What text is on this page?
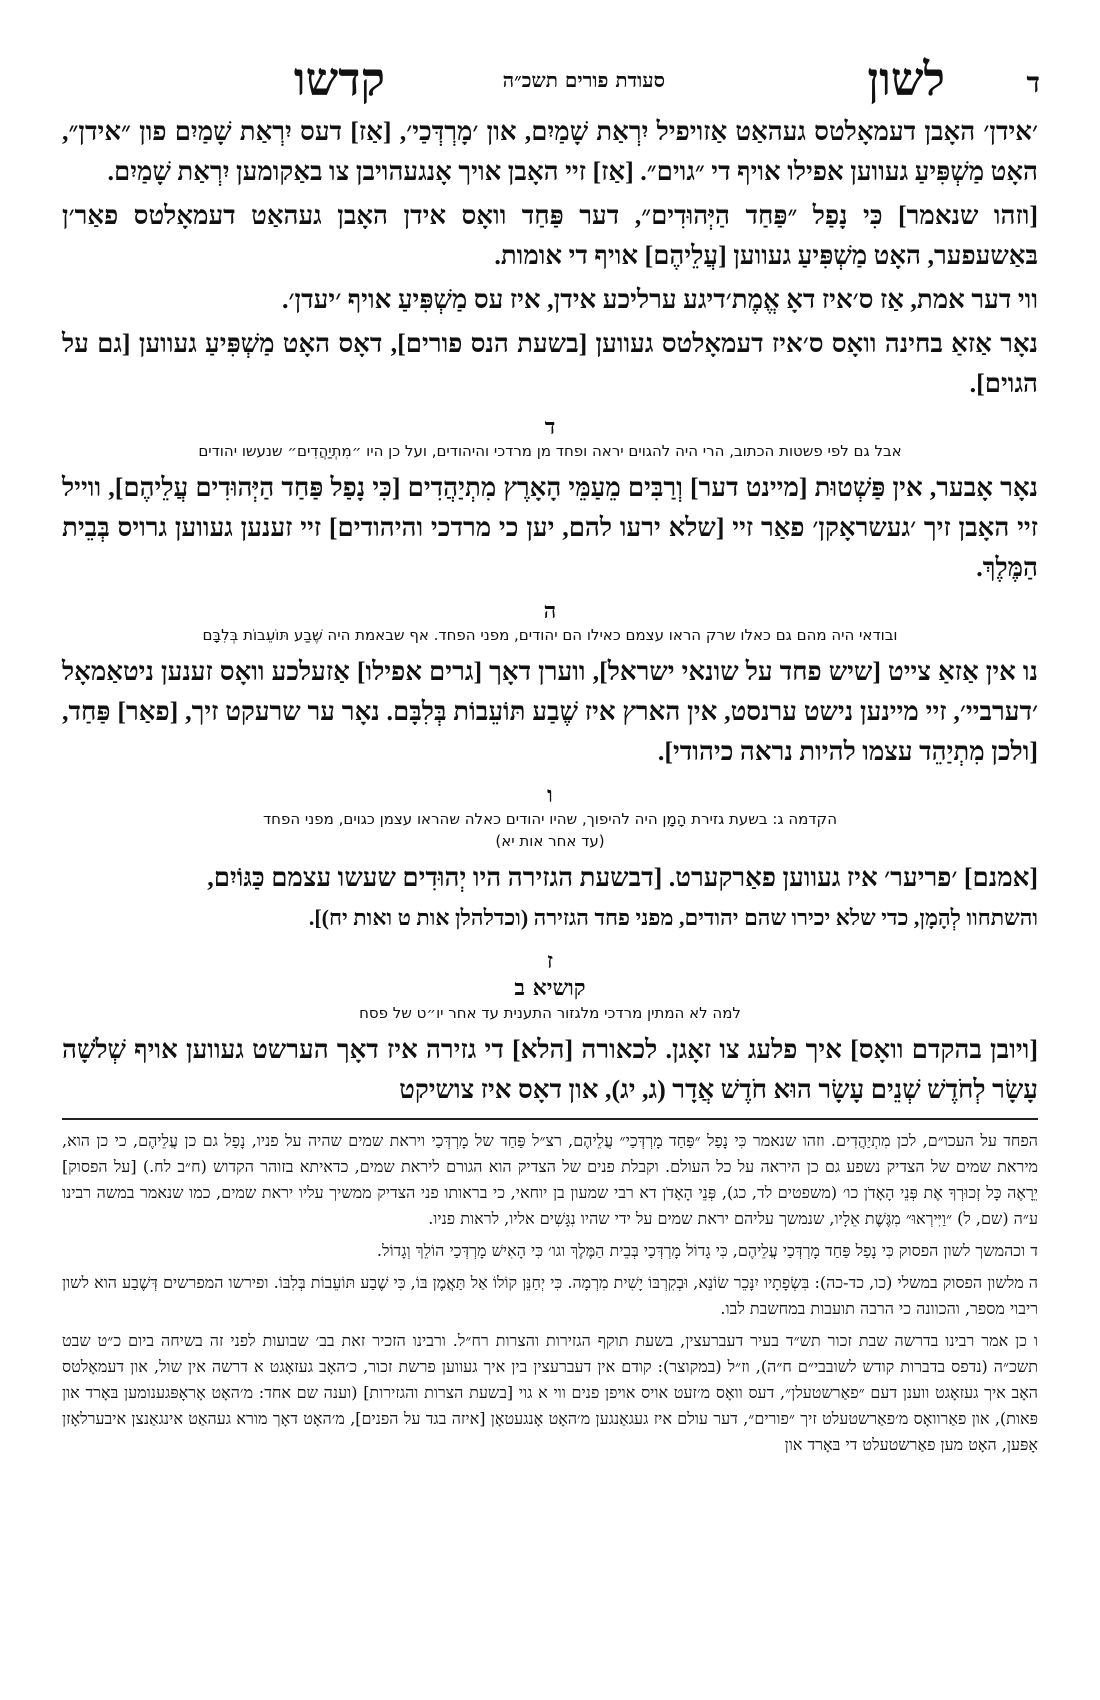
ד
לשון
סעודת פורים תשכ״ה
קדשו

׳אידן׳ האָבן דעמאָלטס געהאַט אַזויפיל יִרְאַת שָׁמַיִם, און ׳מָרְדְּכַי׳, [אַז] דעס יִרְאַת שָׁמַיִם פון ״אידן״, האָט מַשְׁפִּיעַ געווען אפילו אויף די ״גוים״. [אַז] זיי האָבן אויך אָנגעהויבן צו באַקומען יִרְאַת שָׁמַיִם.

[וזהו שנאמר] כִּי נָפַל ״פַּחַד הַיְּהוּדִים״, דער פַּחַד וואָס אידן האָבן געהאַט דעמאָלטס פאַר׳ן בּאַשעפער, האָט מַשְׁפִּיעַ געווען [עֲלֵיהֶם] אויף די אומות.

ווי דער אמת, אַז ס׳איז דאָ אֱמֶת׳דיגע ערליכע אידן, איז עס מַשְׁפִּיעַ אויף ׳יעדן׳.

נאָר אַזאַ בחינה וואָס ס׳איז דעמאָלטס געווען [בשעת הנס פורים], דאָס האָט מַשְׁפִּיעַ געווען [גם על הגוים].

ד
אבל גם לפי פשטות הכתוב, הרי היה להגוים יראה ופחד מן מרדכי והיהודים, ועל כן היו ״מִתְיַהֲדִים״ שנעשו יהודים

נאָר אָבער, אין פַּשְׁטוּת [מיינט דער] וְרַבִּים מֵעַמֵּי הָאָרֶץ מִתְיַהֲדִים [כִּי נָפַל פַּחַד הַיְּהוּדִים עֲלֵיהֶם], ווייל זיי האָבן זיך ׳געשראָקן׳ פאַר זיי [שלא ירעו להם, יען כי מרדכי והיהודים] זיי זענען געווען גרויס בְּבֵית הַמֶּלֶךְ.

ה
ובודאי היה מהם גם כאלו שרק הראו עצמם כאילו הם יהודים, מפני הפחד. אף שבאמת היה שֶׁבַע תּוֹעֵבוֹת בְּלִבָּם

נו אין אַזאַ צייט [שיש פחד על שונאי ישראל], ווערן דאָך [גרים אפילו] אַזעלכע וואָס זענען ניטאַמאָל ׳דערביי׳, זיי מיינען נישט ערנסט, אין הארץ איז שֶׁבַע תּוֹעֵבוֹת בְּלִבָּם. נאָר ער שרעקט זיך, [פאַר] פַּחַד, [ולכן מִתְיַהֵד עצמו להיות נראה כיהודי].

ו
הקדמה ג: בשעת גזירת הָמָן היה להיפוך, שהיו יהודים כאלה שהראו עצמן כגוים, מפני הפחד
(עד אחר אות יא)

[אמנם] ׳פריער׳ איז געווען פאַרקערט. [דבשעת הגזירה היו יְהוּדִים שעשו עצמם כַּגּוֹיִם,

והשתחוו לְהָמָן, כדי שלא יכירו שהם יהודים, מפני פחד הגזירה (וכדלהלן אות ט ואות יח)].

ז
קושיא ב
למה לא המתין מרדכי מלגזור התענית עד אחר יו״ט של פסח

[ויובן בהקדם וואָס] איך פלעג צו זאָגן. לכאורה [הלא] די גזירה איז דאָך הערשט געווען אויף שְׁלֹשָׁה עָשָׂר לְחֹדֶשׁ שְׁנֵים עָשָׂר הוּא חֹדֶשׁ אֲדָר (ג, יג), און דאָס איז צושיקט

הפחד על העכו״ם, לכן מִתְיַהֲדִים. וזהו שנאמר כִּי נָפַל ״פַּחַד מָרְדְּכַי״ עֲלֵיהֶם, רצ״ל פַּחַד של מָרְדְּכַי ויראת שמים שהיה על פניו, נָפַל גם כן עֲלֵיהֶם, כי כן הוא, מיראת שמים של הצדיק נשפע גם כן היראה על כל העולם. וקבלת פנים של הצדיק הוא הגורם ליראת שמים, כדאיתא בזוהר הקדוש (ח״ב לח.) [על הפסוק] יֵרָאֶה כָּל זְכוּרְךָ אֶת פְּנֵי הָאָדֹן כו׳ (משפטים לד, כג), פְּנֵי הָאָדֹן דא רבי שמעון בן יוחאי, כי בראותו פני הצדיק ממשיך עליו יראת שמים, כמו שנאמר במשה רבינו ע״ה (שם, ל) ״וַיִּירְאוּ״ מִגֶּשֶׁת אֵלָיו, שנמשך עליהם יראת שמים על ידי שהיו נִגָּשִׁים אליו, לראות פניו.

ד וכהמשך לשון הפסוק כִּי נָפַל פַּחַד מָרְדְּכַי עֲלֵיהֶם, כִּי גָדוֹל מָרְדְּכַי בְּבֵית הַמֶּלֶךְ וגו׳ כִּי הָאִישׁ מָרְדְּכַי הוֹלֵךְ וְגָדוֹל.

ה מלשון הפסוק במשלי (כו, כד-כה): בִּשְׂפָתָיו יִנָּכֵר שׂוֹנֵא, וּבְקִרְבּוֹ יָשִׁית מִרְמָה. כִּי יְחַנֵּן קוֹלוֹ אַל תַּאֲמֶן בּוֹ, כִּי שֶׁבַע תּוֹעֵבוֹת בְּלִבּוֹ. ופירשו המפרשים דְּשֶׁבַע הוא לשון ריבוי מספר, והכוונה כי הרבה תועבות במחשבת לבו.

ו כן אמר רבינו בדרשה שבת זכור תש״ד בעיר דעברעצין, בשעת תוקף הגזירות והצרות רח״ל. ורבינו הזכיר זאת בב׳ שבועות לפני זה בשיחה ביום כ״ט שבט תשכ״ה (נדפס בדברות קודש לשובבי״ם ח״ה), וז״ל (במקוצר): קודם אין דעברעצין בין איך געווען פרשת זכור, כ׳האָב געזאָגט א דרשה אין שול, און דעמאָלטס האָב איך געזאָגט ווענן דעם ״פאַרשטעלן״, דעס וואָס מ׳זעט אויס אויפן פנים ווי א גוי [בשעת הצרות והגזירות] (וענה שם אחד: מ׳האָט אָראָפּגענומען בּאָרד און פּאות), און פאַרוואָס מ׳פאַרשטעלט זיך ״פורים״, דער עולם איז געגאַנגען מ׳האָט אָנגעטאָן [איזה בגד על הפנים], מ׳האָט דאָך מורא געהאַט אינגאַנצן איבערלאָזן אָפּען, האָט מען פאַרשטעלט די בּאָרד און
